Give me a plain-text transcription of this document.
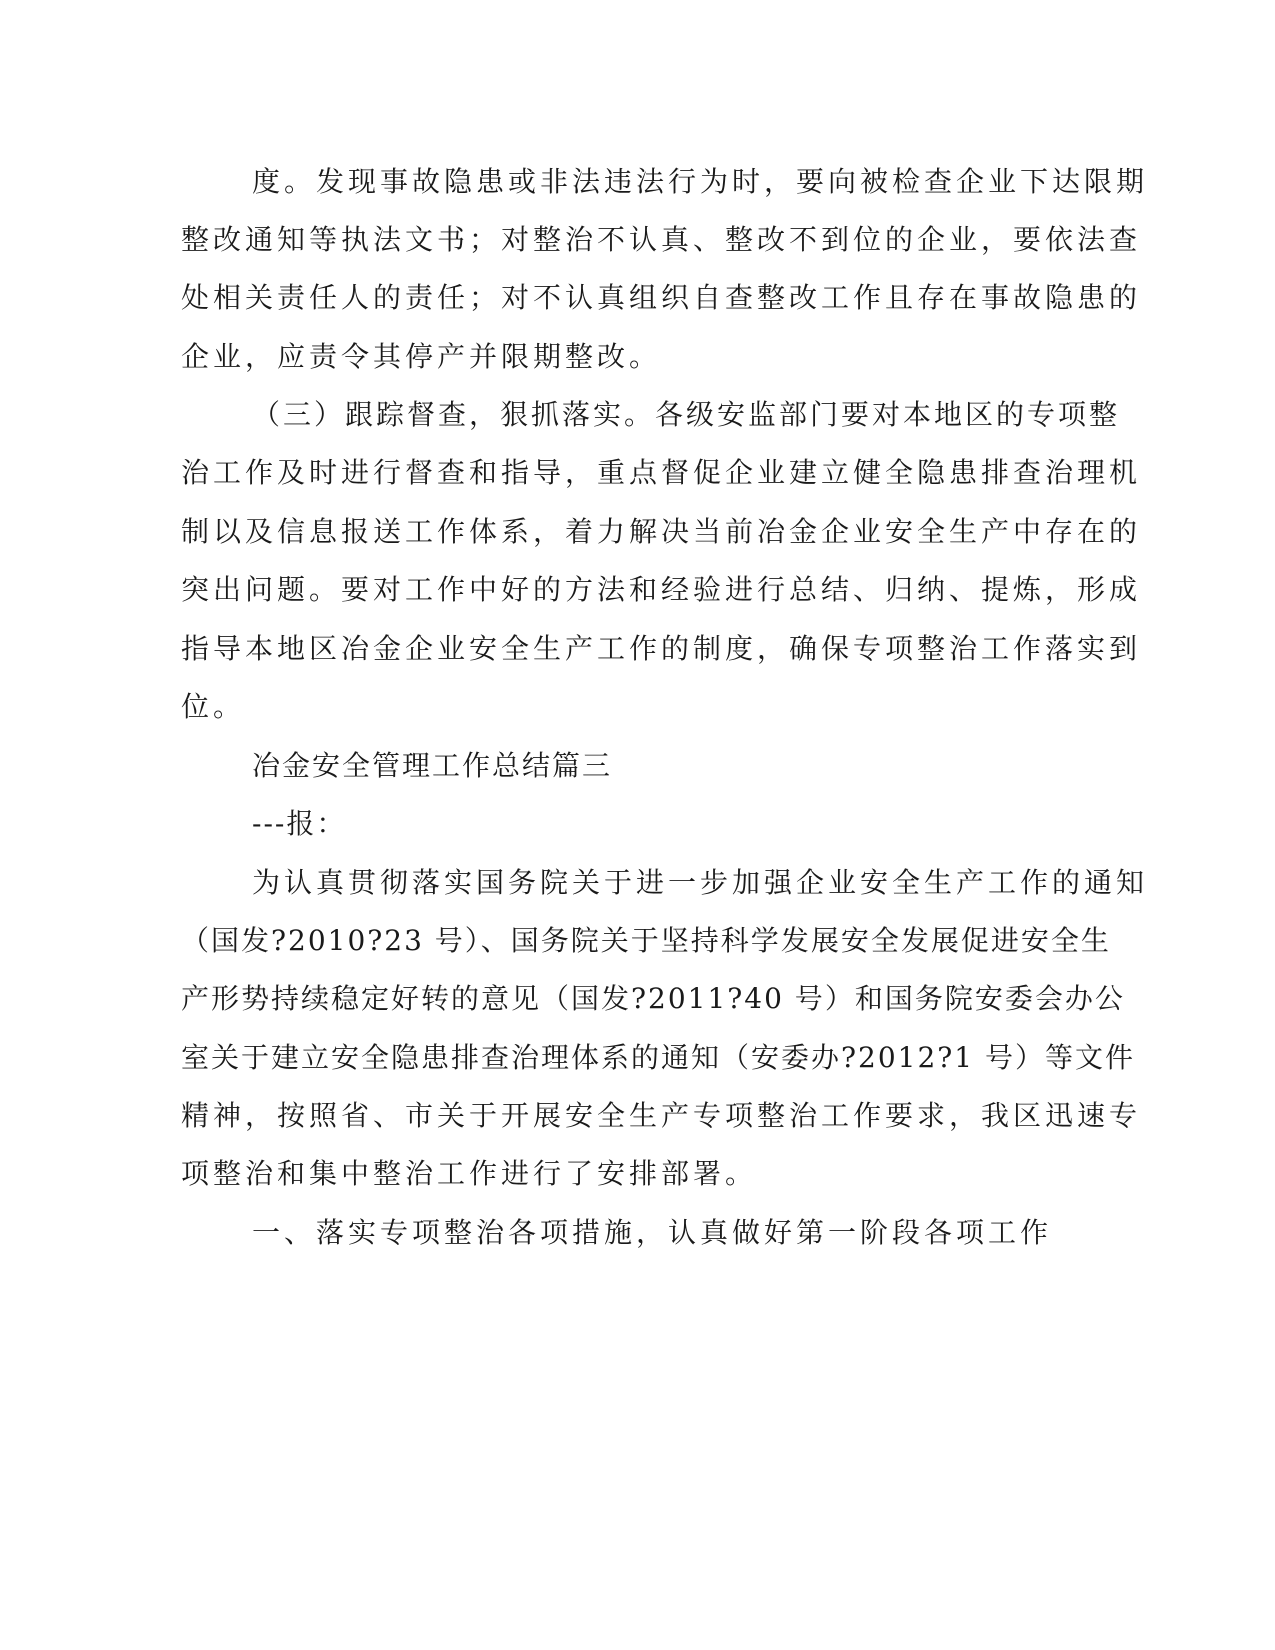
度。发现事故隐患或非法违法行为时，要向被检查企业下达限期
整改通知等执法文书；对整治不认真、整改不到位的企业，要依法查
处相关责任人的责任；对不认真组织自查整改工作且存在事故隐患的
企业，应责令其停产并限期整改。
（三）跟踪督查，狠抓落实。各级安监部门要对本地区的专项整
治工作及时进行督查和指导，重点督促企业建立健全隐患排查治理机
制以及信息报送工作体系，着力解决当前冶金企业安全生产中存在的
突出问题。要对工作中好的方法和经验进行总结、归纳、提炼，形成
指导本地区冶金企业安全生产工作的制度，确保专项整治工作落实到
位。
冶金安全管理工作总结篇三
---报：
为认真贯彻落实国务院关于进一步加强企业安全生产工作的通知
（国发?2010?23 号）、国务院关于坚持科学发展安全发展促进安全生
产形势持续稳定好转的意见（国发?2011?40 号）和国务院安委会办公
室关于建立安全隐患排查治理体系的通知（安委办?2012?1 号）等文件
精神，按照省、市关于开展安全生产专项整治工作要求，我区迅速专
项整治和集中整治工作进行了安排部署。
一、落实专项整治各项措施，认真做好第一阶段各项工作
